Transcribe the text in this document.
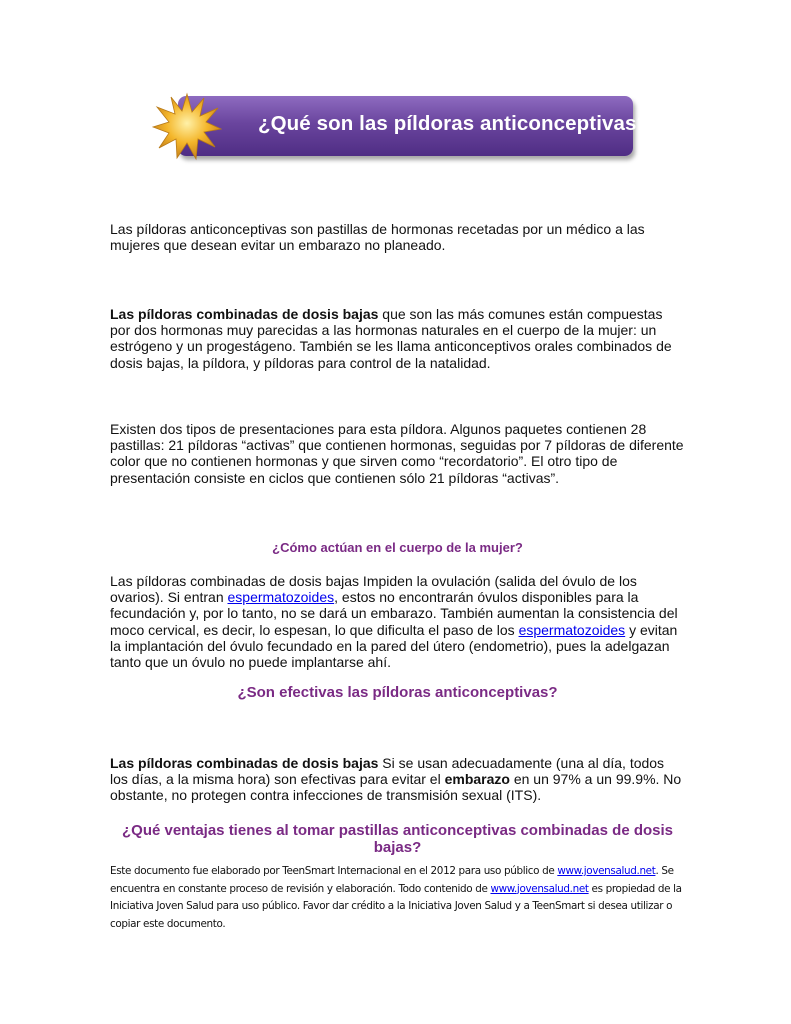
¿Qué son las píldoras anticonceptivas?

Las píldoras anticonceptivas son pastillas de hormonas recetadas por un médico a las mujeres que desean evitar un embarazo no planeado.

Las píldoras combinadas de dosis bajas que son las más comunes están compuestas por dos hormonas muy parecidas a las hormonas naturales en el cuerpo de la mujer: un estrógeno y un progestágeno. También se les llama anticonceptivos orales combinados de dosis bajas, la píldora, y píldoras para control de la natalidad.

Existen dos tipos de presentaciones para esta píldora. Algunos paquetes contienen 28 pastillas: 21 píldoras “activas” que contienen hormonas, seguidas por 7 píldoras de diferente color que no contienen hormonas y que sirven como “recordatorio”. El otro tipo de presentación consiste en ciclos que contienen sólo 21 píldoras “activas”.

¿Cómo actúan en el cuerpo de la mujer?

Las píldoras combinadas de dosis bajas Impiden la ovulación (salida del óvulo de los ovarios). Si entran espermatozoides, estos no encontrarán óvulos disponibles para la fecundación y, por lo tanto, no se dará un embarazo. También aumentan la consistencia del moco cervical, es decir, lo espesan, lo que dificulta el paso de los espermatozoides y evitan la implantación del óvulo fecundado en la pared del útero (endometrio), pues la adelgazan tanto que un óvulo no puede implantarse ahí.

¿Son efectivas las píldoras anticonceptivas?

Las píldoras combinadas de dosis bajas Si se usan adecuadamente (una al día, todos los días, a la misma hora) son efectivas para evitar el embarazo en un 97% a un 99.9%. No obstante, no protegen contra infecciones de transmisión sexual (ITS).

¿Qué ventajas tienes al tomar pastillas anticonceptivas combinadas de dosis bajas?

Este documento fue elaborado por TeenSmart Internacional en el 2012 para uso público de www.jovensalud.net. Se encuentra en constante proceso de revisión y elaboración. Todo contenido de www.jovensalud.net es propiedad de la Iniciativa Joven Salud para uso público. Favor dar crédito a la Iniciativa Joven Salud y a TeenSmart si desea utilizar o copiar este documento.
